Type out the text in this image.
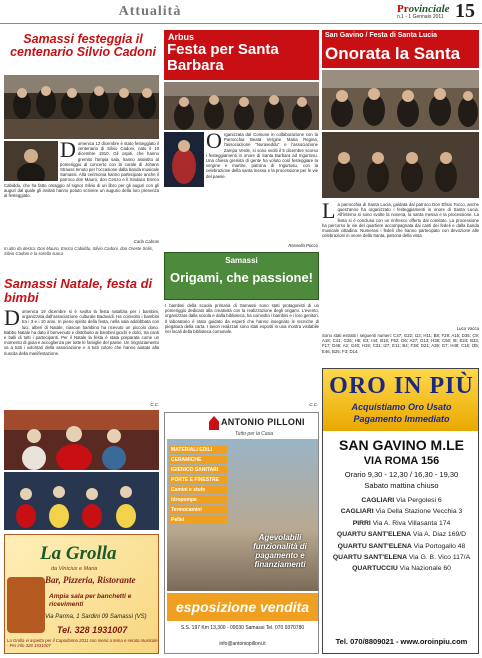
Attualità	Provinciale
n.1 - 1 Gennaio 2011 15
Samassi festeggia il centenario Silvio Cadoni
Domenica 12 dicembre è stato festeggiato il centenario di Silvio Cadoni, nato il 10 dicembre 1910. Gli ospiti, che hanno gremito l'ampia sala, hanno assistito al pomeriggio al concerto con la corale di Johann Strauss tenuto per l'occasione dalla banda musicale Samassi. Alla cerimonia hanno partecipato anche il parroco don Mauro, don Cenzo e il Sindaco Enrico Cabiddu, che ha fatto omaggio al signor Silvio di un libro per gli auguri con gli auguri dal quale gli invitati hanno potuto scrivere un augurio della loro presenza al festeggiato.
Carla Cabras
In alto da destra: Don Mauro, Enrico Cabiddu, Silvio Cadoni, don Oreste Solis, Silvio Cadoni e la sorella suora
Samassi Natale, festa di bimbi
Domenica 19 dicembre si è svolta la festa natalizia per i bambini, organizzata dall'associazione culturale Baduvidi. Ha coinvolto i bambini tra i 3 e i 10 anni. In pieno spirito della festa, nella sala addobbata con luci, alberi di Natale, ciascun bambino ha ricevuto un piccolo dono. Babbo Natale ha dato il benvenuto e distribuito ai bambini giochi e dolci, tra canti e balli di tutti i partecipanti. Per il Natale la festa è stata preparata come un momento di gioia e accoglienza per tutte le famiglie del paese. Un ringraziamento va a tutti i volontari della associazione e a tutti coloro che hanno aiutato alla riuscita della manifestazione.
C.C.
La Grolla
da Vinicius e Maria
Bar, Pizzeria, Ristorante
Ampia sala per banchetti e ricevimenti
Via Parma, 1 Sardini 09 Samassi (VS)
Tel. 328 1931007
La Grolla vi aspetta per il Capodanno 2011 con menù a tema e serata musicale - Per info 328 1931007
Arbus
Festa per Santa Barbara
Organizzata dal Comune in collaborazione con la Parrocchia Beata Vergine Maria Regina, l'associazione "Nuraxeddu" e l'associazione Zampa Verde, si sono svolti il 5 dicembre scorso i festeggiamenti in onore di Santa Barbara ad Ingurtosu. Una chiesa gremita di gente ha voluto così festeggiare la vergine e martire, patrona di Ingurtosu, con la celebrazione della santa messa e la processione per le vie del paese.
Rossella Pocco
Samassi
Origami, che passione!
I bambini della scuola primaria di Samassi sono stati protagonisti di un pomeriggio dedicato alla creatività con la realizzazione degli origami. L'evento, organizzato dalla scuola e dalla biblioteca, ha coinvolto i bambini e i loro genitori. Il laboratorio è stato guidato da esperti che hanno insegnato le tecniche di piegatura della carta. I lavori realizzati sono stati esposti in una mostra visitabile nei locali della biblioteca comunale.
C.C.
ANTONIO PILLONI
Tutto per la Casa
MATERIALI EDILI
CERAMICHE
IGIENICO SANITARI
PORTE E FINESTRE
Camini e stufe
Idropompe
Termocamini
Pellet
Agevolabili funzionalità di pagamento e finanziamenti
esposizione vendita
S.S. 197 Km 13,300 - 09030 Samassi Tel. 070 9370780
info@antoniopilloni.it
San Gavino / Festa di Santa Lucia
Onorata la Santa
La parrocchia di Santa Lucia, guidata dal parroco Don Efisio Tocco, anche quest'anno ha organizzato i festeggiamenti in onore di Santa Lucia. All'interno si sono svolte la novena, la santa messa e la processione. La festa si è conclusa con un rinfresco offerto dal comitato. La processione ha percorso le vie del quartiere accompagnata dai canti dei fedeli e dalla banda musicale cittadina. Numerosi i fedeli che hanno partecipato con devozione alle celebrazioni in onore della Santa, patrona della vista.
Luca Vacca
Sono stati estratti i seguenti numeri: C47; G22; I13; H11; B8; F29; A15; D35; C9; A18; C41; G26; H5; E3; I44; B19; F52; D6; A27; G13; H36; C50; I8; E24; B33; F17; D45; A2; G40; H19; C31; I27; E11; B4; F38; D21; A39; G7; H48; C16; I35; E46; B25; F3; D14.
ORO IN PIÙ
Acquistiamo Oro Usato
Pagamento Immediato
SAN GAVINO M.LE
VIA ROMA 156
Orario 9,30 - 12,30 / 16,30 - 19,30
Sabato mattina chiuso
CAGLIARI Via Pergolesi 6
CAGLIARI Via Della Stazione Vecchia 3
PIRRI Via A. Riva Villasanta 174
QUARTU SANT'ELENA Via A. Diaz 169/D
QUARTU SANT'ELENA Via Portogallo 48
QUARTU SANT'ELENA Via G. B. Vico 117/A
QUARTUCCIU Via Nazionale 60
Tel. 070/8809021 - www.oroinpiu.com
